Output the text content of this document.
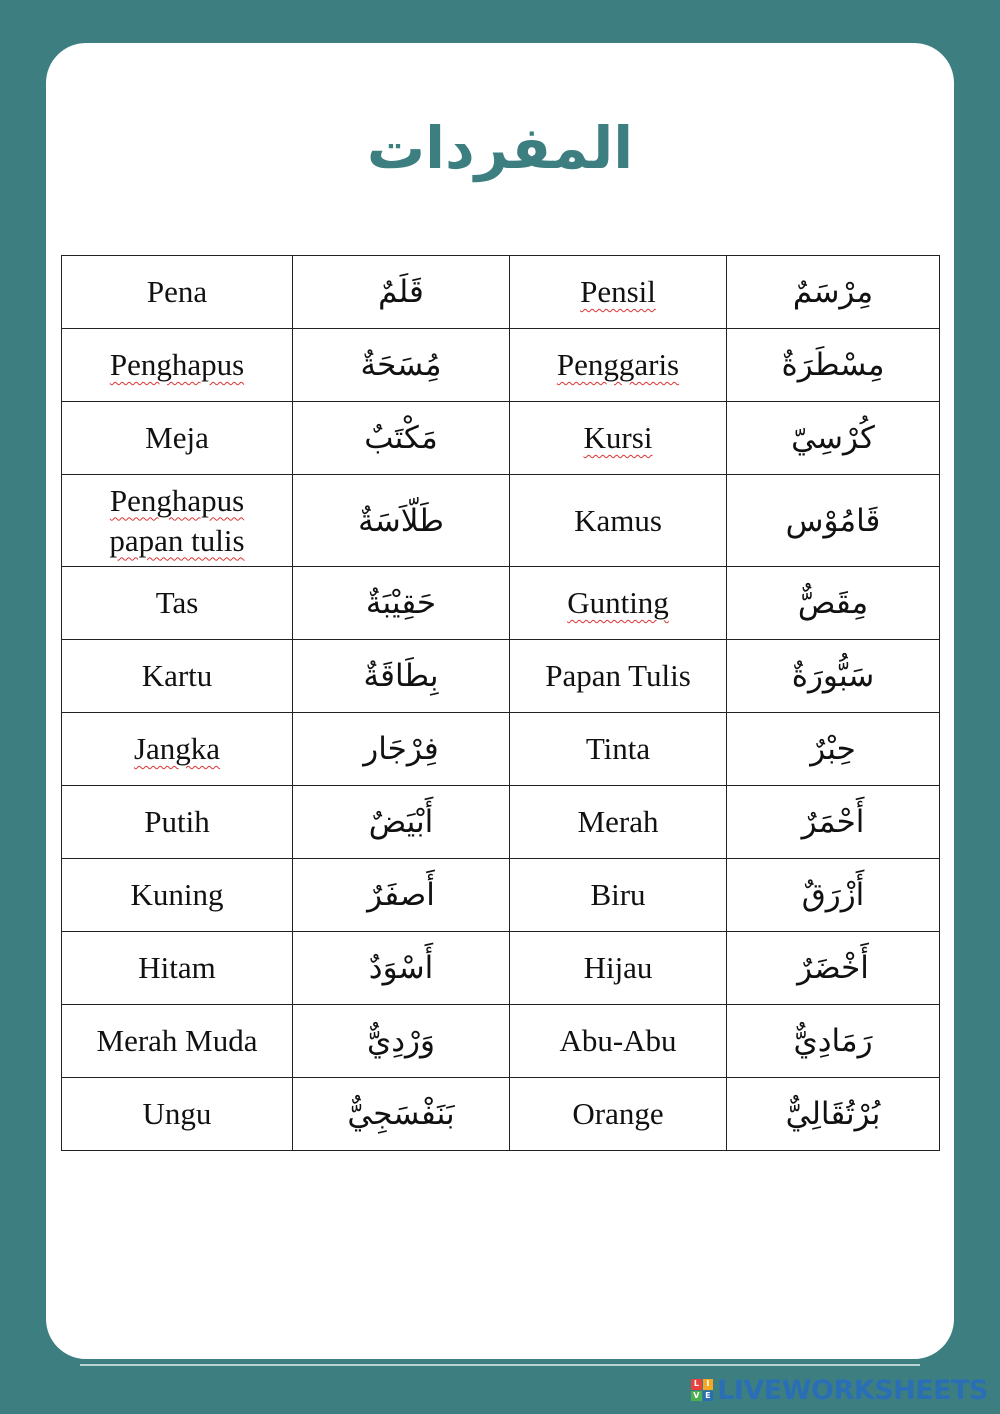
المفردات
Pena	قَلَمٌ	Pensil	مِرْسَمٌ
Penghapus	مُِسَحَةٌ	Penggaris	مِسْطَرَةٌ
Meja	مَكْتَبٌ	Kursi	كُرْسِيّ
Penghapus
papan tulis	طَلّاَسَةٌ	Kamus	قَامُوْس
Tas	حَقِيْبَةٌ	Gunting	مِقَصٌّ
Kartu	بِطَاقَةٌ	Papan Tulis	سَبُّورَةٌ
Jangka	فِرْجَار	Tinta	حِبْرٌ
Putih	أَبْيَضٌ	Merah	أَحْمَرٌ
Kuning	أَصفَرٌ	Biru	أَزْرَقٌ
Hitam	أَسْوَدٌ	Hijau	أَخْضَرٌ
Merah Muda	وَرْدِيٌّ	Abu-Abu	رَمَادِيٌّ
Ungu	بَنَفْسَجِيٌّ	Orange	بُرْتُقَالِيٌّ
L I
V E LIVEWORKSHEETS
